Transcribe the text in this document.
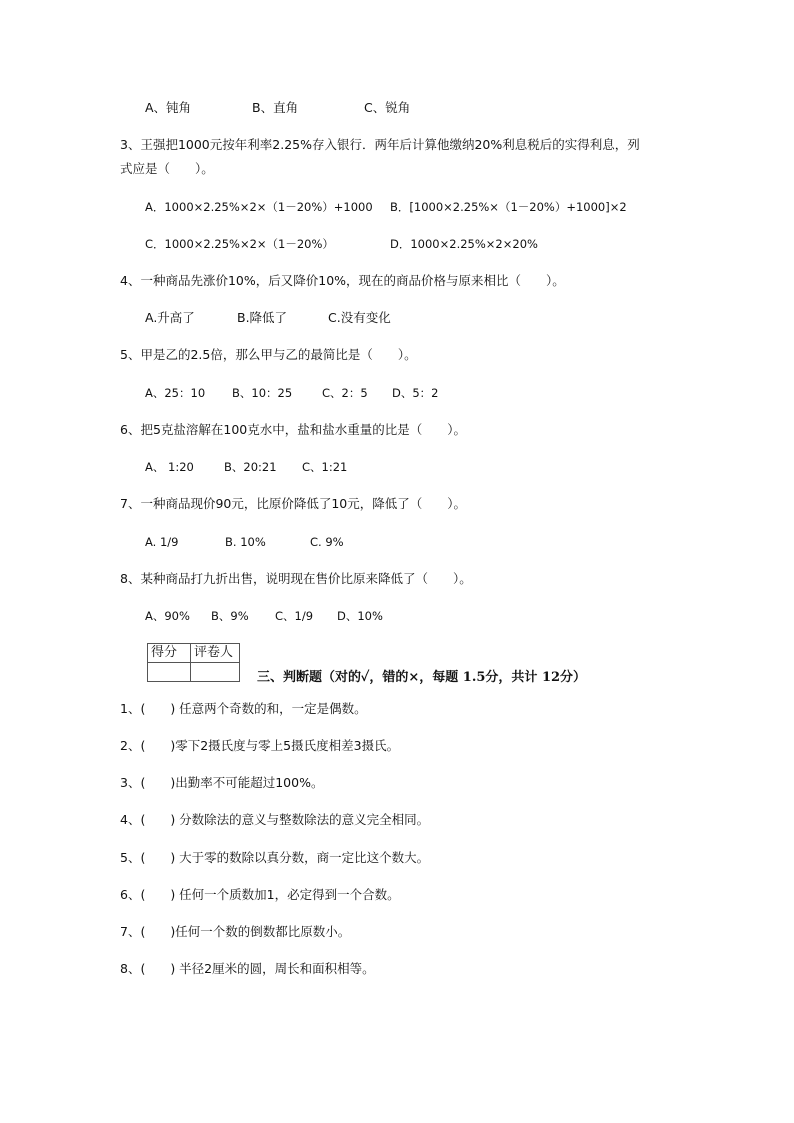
A、钝角	B、直角	C、锐角
3、王强把1000元按年利率2.25%存入银行．两年后计算他缴纳20%利息税后的实得利息，列
式应是（　　）。
A．1000×2.25%×2×（1－20%）+1000 B．[1000×2.25%×（1－20%）+1000]×2
C．1000×2.25%×2×（1－20%）	D．1000×2.25%×2×20%
4、一种商品先涨价10%，后又降价10%，现在的商品价格与原来相比（　　）。
A.升高了	B.降低了	C.没有变化
5、甲是乙的2.5倍，那么甲与乙的最简比是（　　）。
A、25：10 B、10：25	C、2：5 D、5：2
6、把5克盐溶解在100克水中，盐和盐水重量的比是（　　）。
A、 1:20	B、20:21 C、1:21
7、一种商品现价90元，比原价降低了10元，降低了（　　）。
A. 1/9	B. 10%	C. 9%
8、某种商品打九折出售，说明现在售价比原来降低了（　　）。
A、90% B、9% C、1/9 D、10%
得分	评卷人

三、判断题（对的✓，错的×，每题 1.5分，共计 12分）
1、(　　) 任意两个奇数的和，一定是偶数。
2、(　　)零下2摄氏度与零上5摄氏度相差3摄氏。
3、(　　)出勤率不可能超过100%。
4、(　　) 分数除法的意义与整数除法的意义完全相同。
5、(　　) 大于零的数除以真分数，商一定比这个数大。
6、(　　) 任何一个质数加1，必定得到一个合数。
7、(　　)任何一个数的倒数都比原数小。
8、(　　) 半径2厘米的圆，周长和面积相等。
